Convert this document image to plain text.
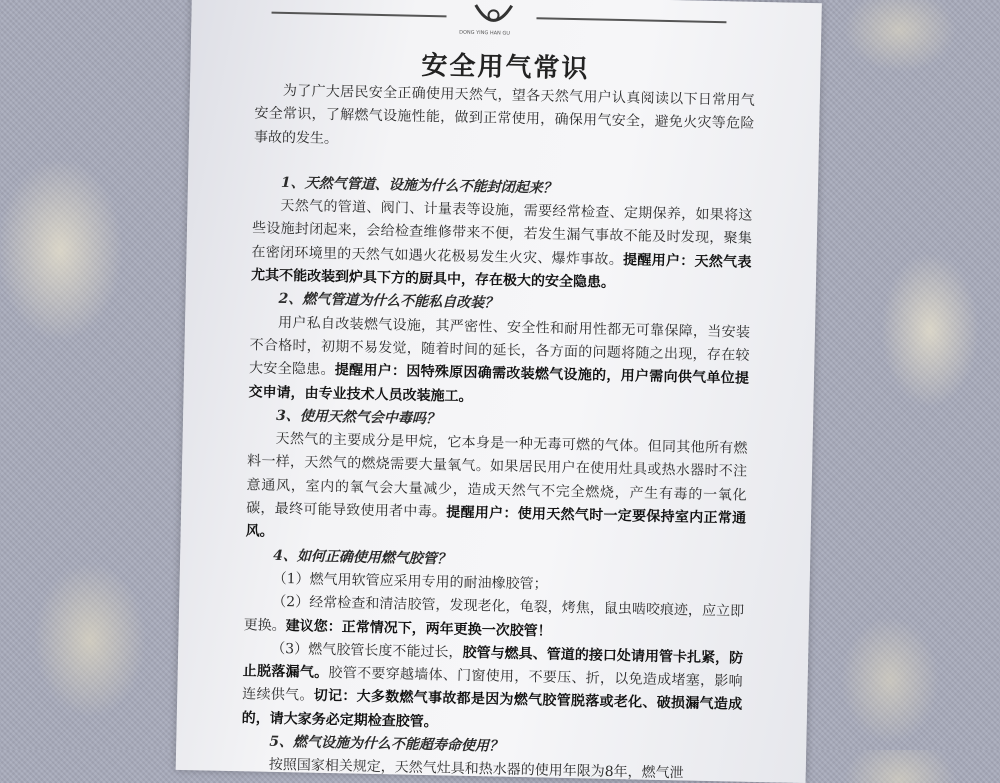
DONG YING HAN GU
安全用气常识

为了广大居民安全正确使用天然气，望各天然气用户认真阅读以下日常用气安全常识，了解燃气设施性能，做到正常使用，确保用气安全，避免火灾等危险事故的发生。

1、天然气管道、设施为什么不能封闭起来？

天然气的管道、阀门、计量表等设施，需要经常检查、定期保养，如果将这些设施封闭起来，会给检查维修带来不便，若发生漏气事故不能及时发现，聚集在密闭环境里的天然气如遇火花极易发生火灾、爆炸事故。提醒用户：天然气表尤其不能改装到炉具下方的厨具中，存在极大的安全隐患。

2、燃气管道为什么不能私自改装？

用户私自改装燃气设施，其严密性、安全性和耐用性都无可靠保障，当安装不合格时，初期不易发觉，随着时间的延长，各方面的问题将随之出现，存在较大安全隐患。提醒用户：因特殊原因确需改装燃气设施的，用户需向供气单位提交申请，由专业技术人员改装施工。

3、使用天然气会中毒吗？

天然气的主要成分是甲烷，它本身是一种无毒可燃的气体。但同其他所有燃料一样，天然气的燃烧需要大量氧气。如果居民用户在使用灶具或热水器时不注意通风，室内的氧气会大量减少，造成天然气不完全燃烧，产生有毒的一氧化碳，最终可能导致使用者中毒。提醒用户：使用天然气时一定要保持室内正常通风。

4、如何正确使用燃气胶管？

（1）燃气用软管应采用专用的耐油橡胶管；

（2）经常检查和清洁胶管，发现老化，龟裂，烤焦，鼠虫啮咬痕迹，应立即更换。建议您：正常情况下，两年更换一次胶管！

（3）燃气胶管长度不能过长，胶管与燃具、管道的接口处请用管卡扎紧，防止脱落漏气。胶管不要穿越墙体、门窗使用，不要压、折，以免造成堵塞，影响连续供气。切记：大多数燃气事故都是因为燃气胶管脱落或老化、破损漏气造成的，请大家务必定期检查胶管。

5、燃气设施为什么不能超寿命使用？

按照国家相关规定，天然气灶具和热水器的使用年限为8年，燃气泄
